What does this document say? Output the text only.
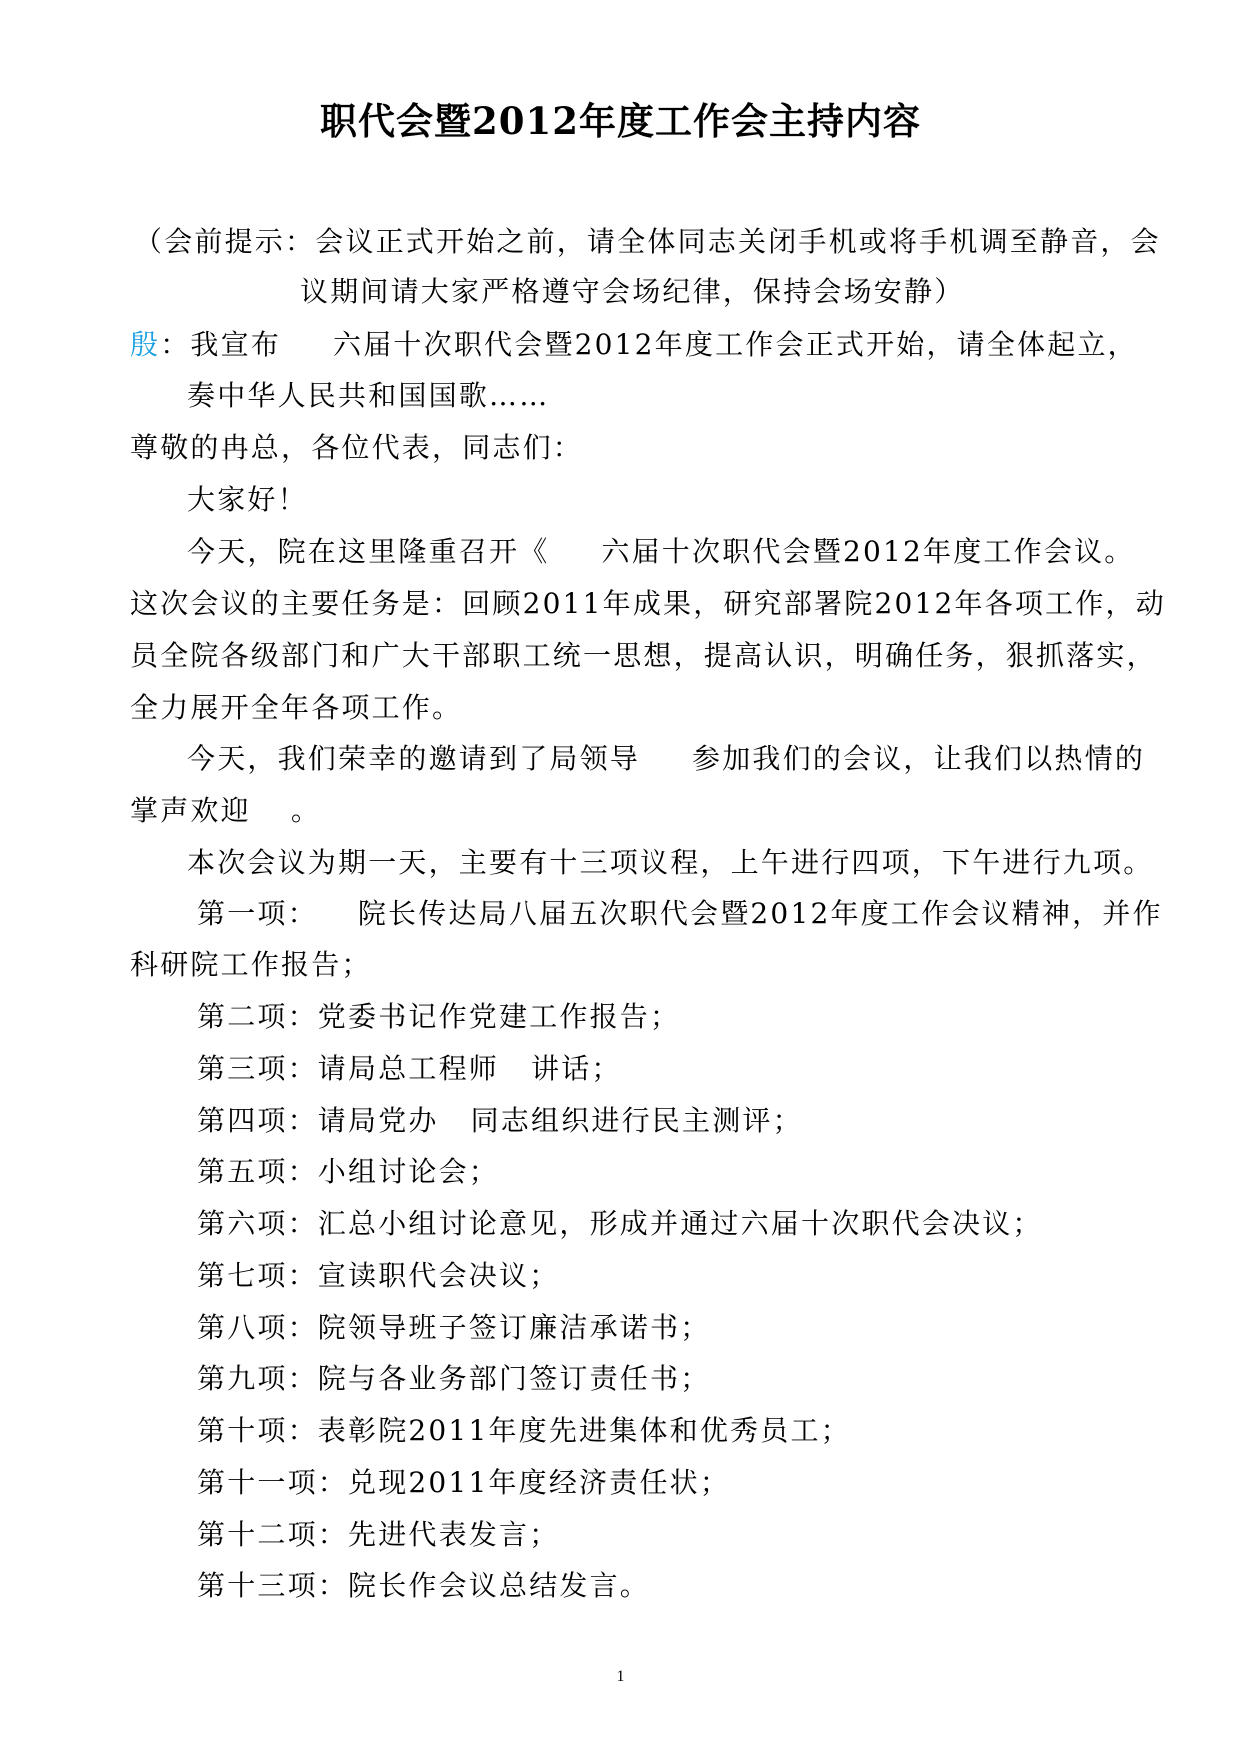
职代会暨2012年度工作会主持内容
（会前提示：会议正式开始之前，请全体同志关闭手机或将手机调至静音，会
议期间请大家严格遵守会场纪律，保持会场安静）
殷：我宣布 六届十次职代会暨2012年度工作会正式开始，请全体起立，
奏中华人民共和国国歌……
尊敬的冉总，各位代表，同志们：
大家好！
今天，院在这里隆重召开《 六届十次职代会暨2012年度工作会议。
这次会议的主要任务是：回顾2011年成果，研究部署院2012年各项工作，动
员全院各级部门和广大干部职工统一思想，提高认识，明确任务，狠抓落实，
全力展开全年各项工作。
今天，我们荣幸的邀请到了局领导 参加我们的会议，让我们以热情的
掌声欢迎 。
本次会议为期一天，主要有十三项议程，上午进行四项，下午进行九项。
第一项： 院长传达局八届五次职代会暨2012年度工作会议精神，并作
科研院工作报告；
第二项：党委书记作党建工作报告；
第三项：请局总工程师 讲话；
第四项：请局党办 同志组织进行民主测评；
第五项：小组讨论会；
第六项：汇总小组讨论意见，形成并通过六届十次职代会决议；
第七项：宣读职代会决议；
第八项：院领导班子签订廉洁承诺书；
第九项：院与各业务部门签订责任书；
第十项：表彰院2011年度先进集体和优秀员工；
第十一项：兑现2011年度经济责任状；
第十二项：先进代表发言；
第十三项：院长作会议总结发言。
1
